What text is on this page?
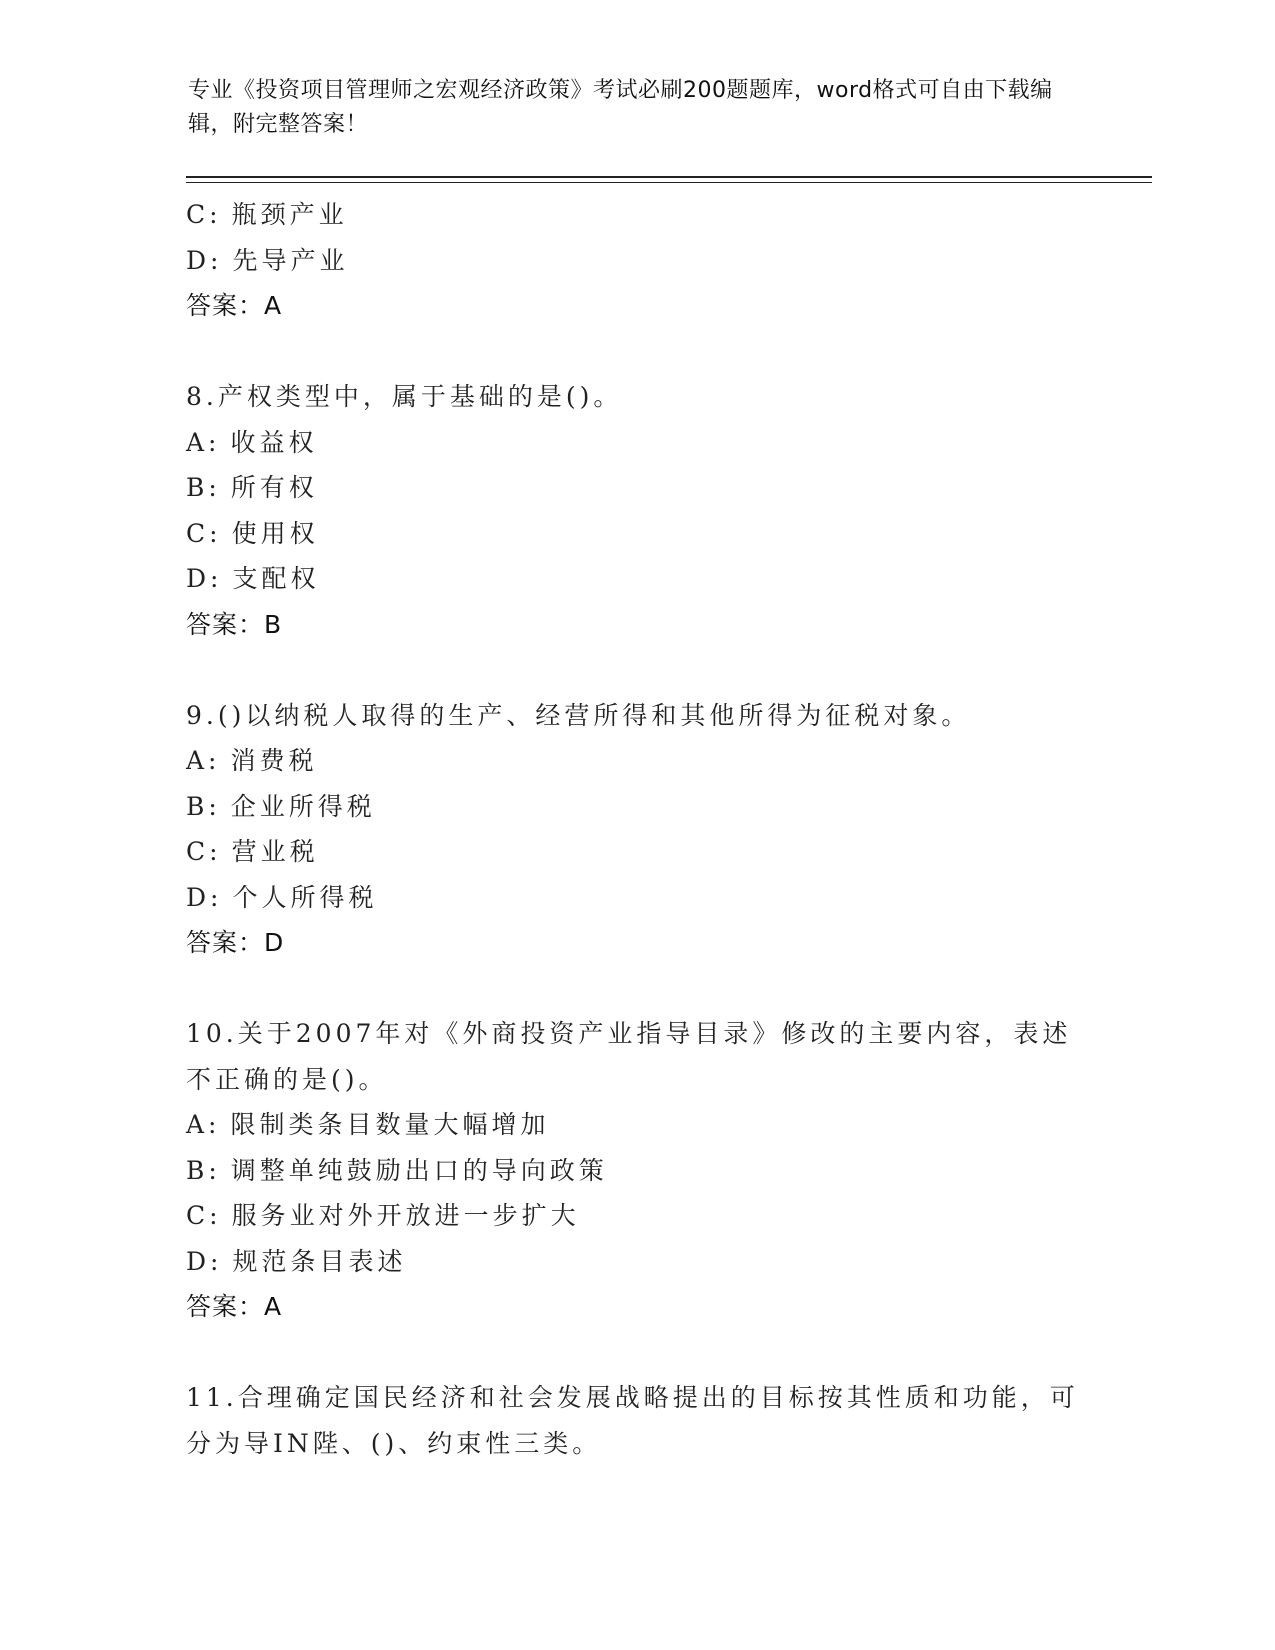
专业《投资项目管理师之宏观经济政策》考试必刷200题题库，word格式可自由下载编辑，附完整答案！
C: 瓶颈产业
D: 先导产业
答案：A
8.产权类型中，属于基础的是()。
A: 收益权
B: 所有权
C: 使用权
D: 支配权
答案：B
9.()以纳税人取得的生产、经营所得和其他所得为征税对象。
A: 消费税
B: 企业所得税
C: 营业税
D: 个人所得税
答案：D
10.关于2007年对《外商投资产业指导目录》修改的主要内容，表述
不正确的是()。
A: 限制类条目数量大幅增加
B: 调整单纯鼓励出口的导向政策
C: 服务业对外开放进一步扩大
D: 规范条目表述
答案：A
11.合理确定国民经济和社会发展战略提出的目标按其性质和功能，可
分为导IN陛、()、约束性三类。
